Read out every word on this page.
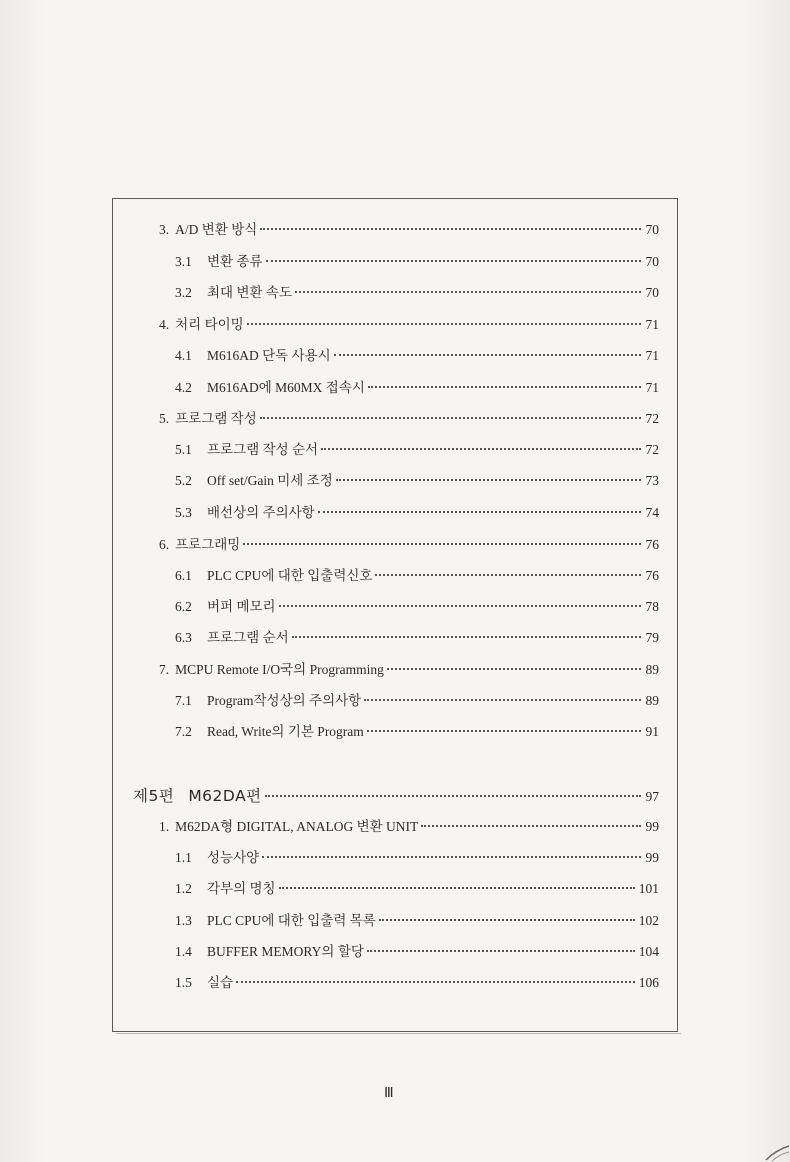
3. A/D 변환 방식	70
3.1 변환 종류	70
3.2 최대 변환 속도	70
4. 처리 타이밍	71
4.1 M616AD 단독 사용시	71
4.2 M616AD에 M60MX 접속시	71
5. 프로그램 작성	72
5.1 프로그램 작성 순서	72
5.2 Off set/Gain 미세 조정	73
5.3 배선상의 주의사항	74
6. 프로그래밍	76
6.1 PLC CPU에 대한 입출력신호	76
6.2 버퍼 메모리	78
6.3 프로그램 순서	79
7. MCPU Remote I/O국의 Programming	89
7.1 Program작성상의 주의사항	89
7.2 Read, Write의 기본 Program	91
제5편 M62DA편	97
1. M62DA형 DIGITAL, ANALOG 변환 UNIT	99
1.1 성능사양	99
1.2 각부의 명칭	101
1.3 PLC CPU에 대한 입출력 목록	102
1.4 BUFFER MEMORY의 할당	104
1.5 실습	106
Ⅲ
